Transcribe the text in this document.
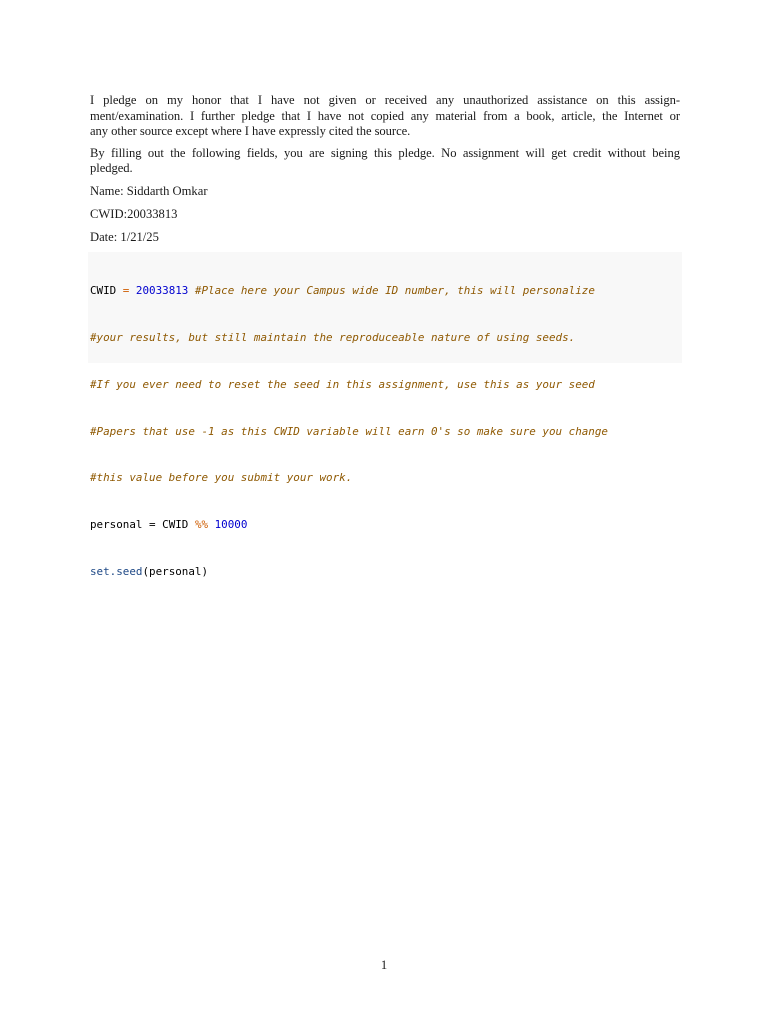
I pledge on my honor that I have not given or received any unauthorized assistance on this assign-
ment/examination. I further pledge that I have not copied any material from a book, article, the Internet or
any other source except where I have expressly cited the source.

By filling out the following fields, you are signing this pledge. No assignment will get credit without being
pledged.

Name: Siddarth Omkar

CWID:20033813

Date: 1/21/25

CWID = 20033813 #Place here your Campus wide ID number, this will personalize

#your results, but still maintain the reproduceable nature of using seeds.

#If you ever need to reset the seed in this assignment, use this as your seed

#Papers that use -1 as this CWID variable will earn 0's so make sure you change

#this value before you submit your work.

personal = CWID %% 10000

set.seed(personal)

1
